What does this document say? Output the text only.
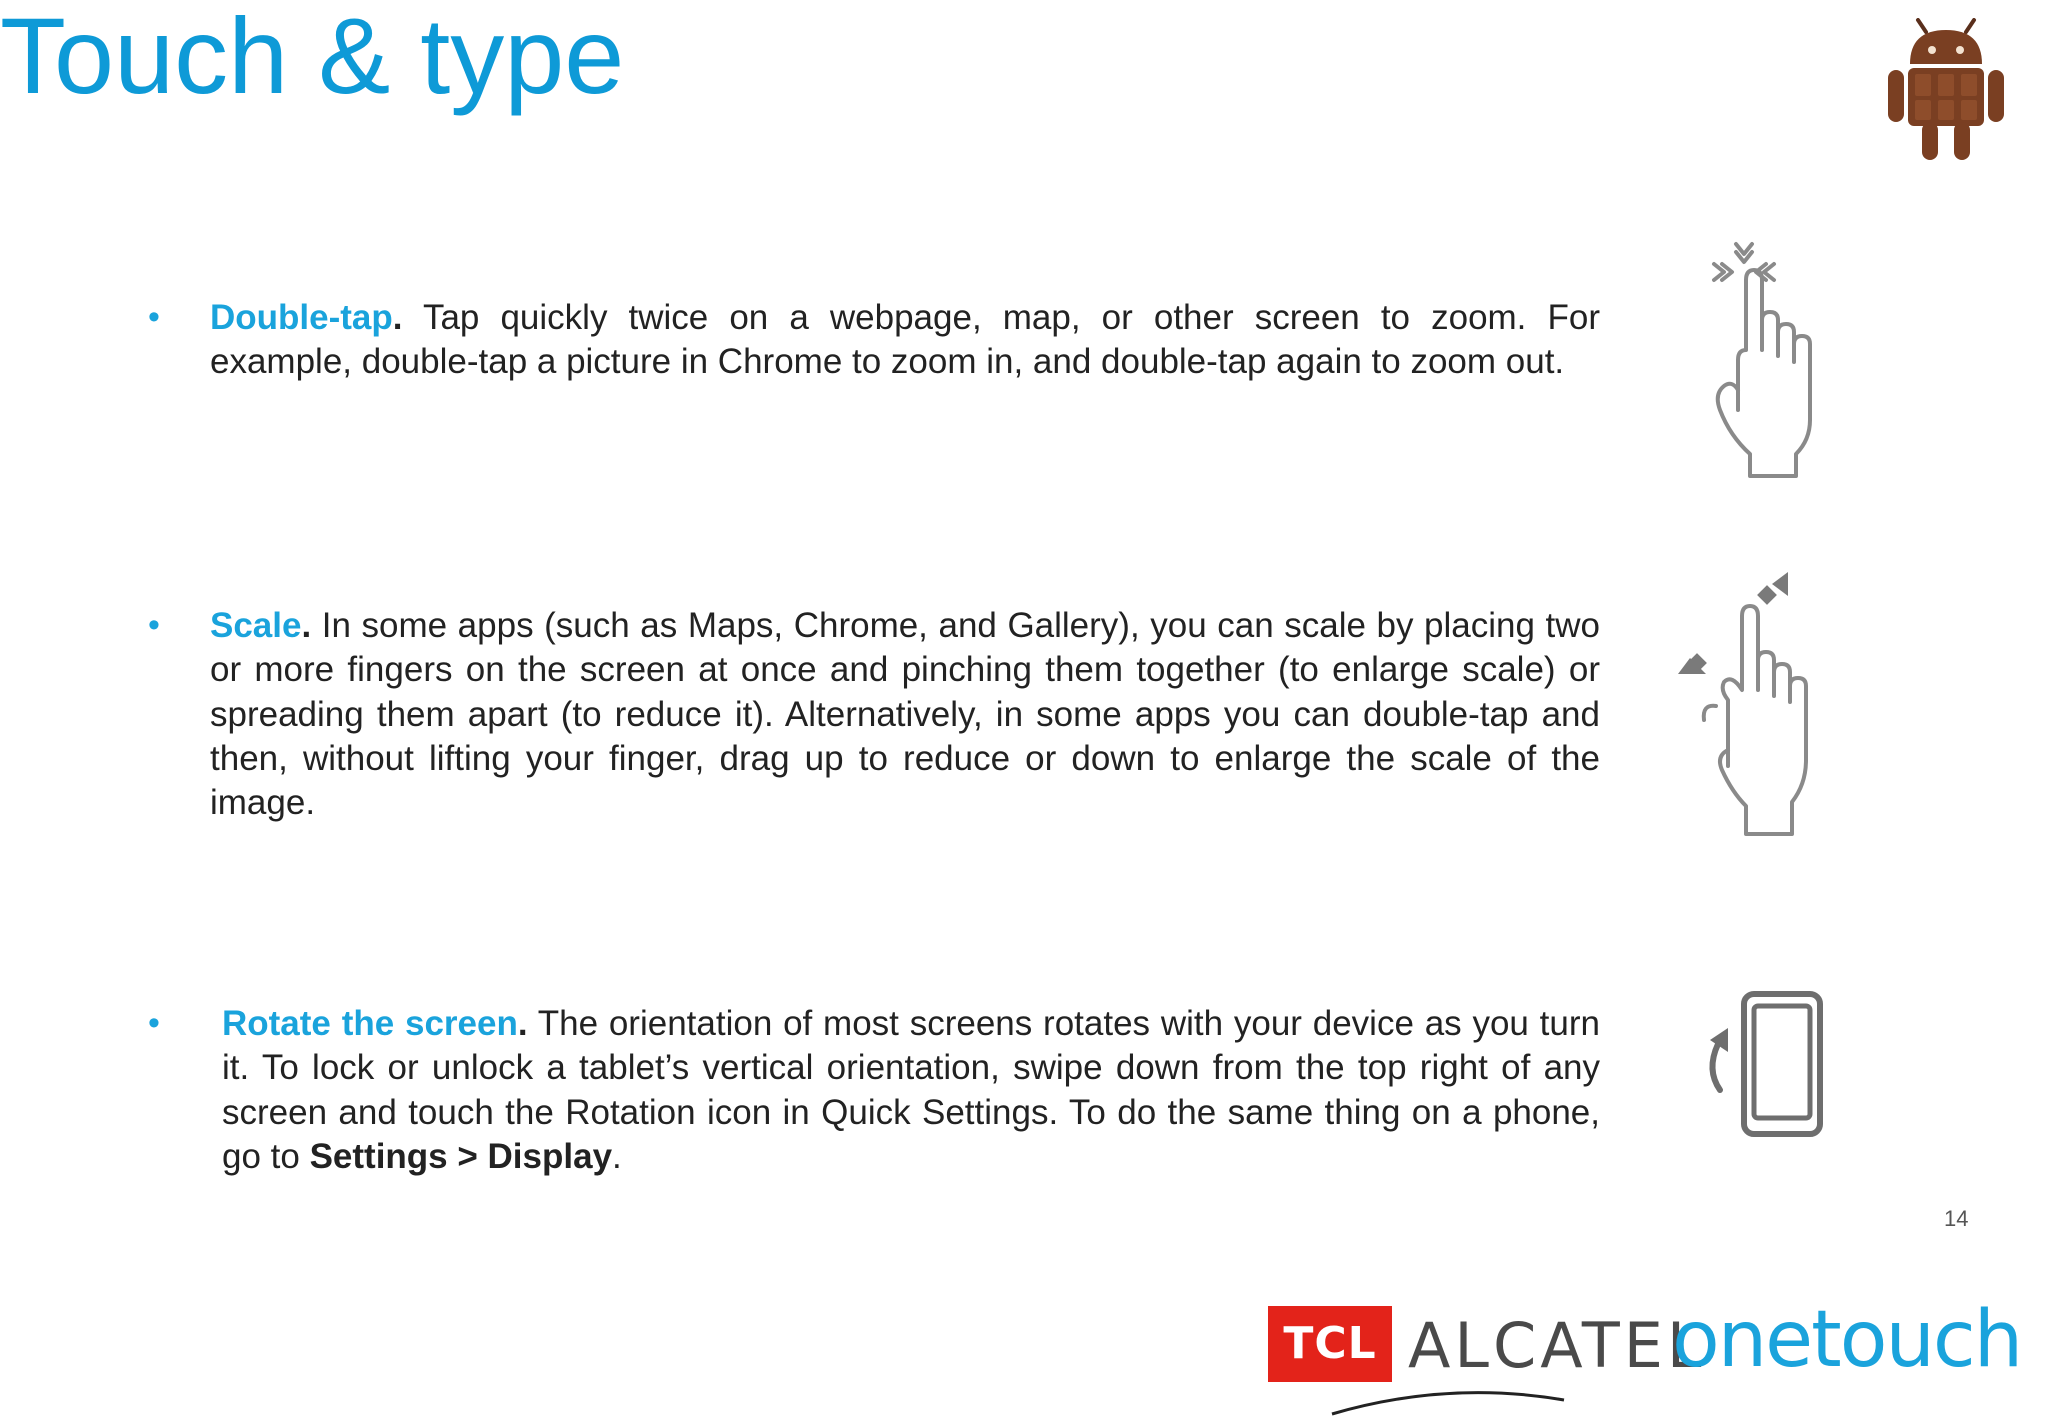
Touch & type
• Double-tap. Tap quickly twice on a webpage, map, or other screen to zoom. For example, double-tap a picture in Chrome to zoom in, and double-tap again to zoom out.

• Scale. In some apps (such as Maps, Chrome, and Gallery), you can scale by placing two or more fingers on the screen at once and pinching them together (to enlarge scale) or spreading them apart (to reduce it). Alternatively, in some apps you can double-tap and then, without lifting your finger, drag up to reduce or down to enlarge the scale of the image.

• Rotate the screen. The orientation of most screens rotates with your device as you turn it. To lock or unlock a tablet’s vertical orientation, swipe down from the top right of any screen and touch the Rotation icon in Quick Settings. To do the same thing on a phone, go to Settings > Display.

14
TCL ALCATEL
onetouch
